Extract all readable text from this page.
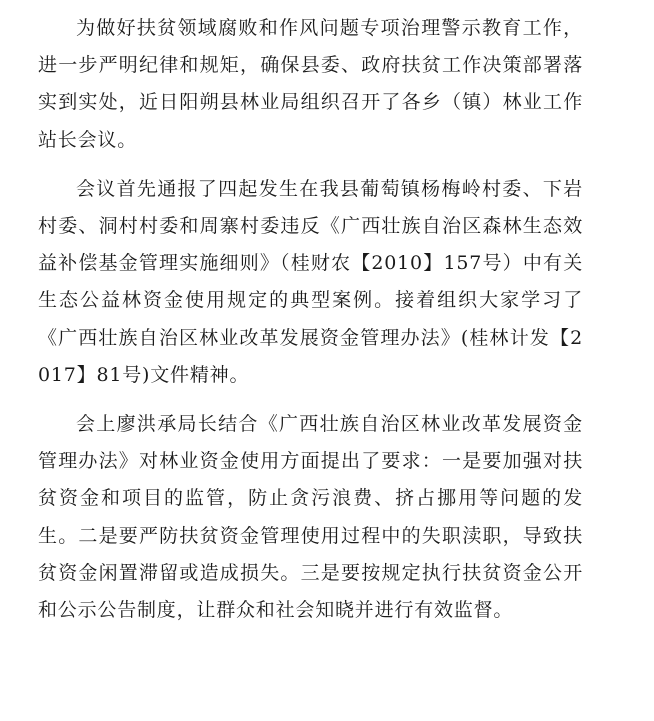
为做好扶贫领域腐败和作风问题专项治理警示教育工作，进一步严明纪律和规矩，确保县委、政府扶贫工作决策部署落实到实处，近日阳朔县林业局组织召开了各乡（镇）林业工作站长会议。

会议首先通报了四起发生在我县葡萄镇杨梅岭村委、下岩村委、洞村村委和周寨村委违反《广西壮族自治区森林生态效益补偿基金管理实施细则》（桂财农【2010】157号）中有关生态公益林资金使用规定的典型案例。接着组织大家学习了《广西壮族自治区林业改革发展资金管理办法》(桂林计发【2017】81号)文件精神。

会上廖洪承局长结合《广西壮族自治区林业改革发展资金管理办法》对林业资金使用方面提出了要求：一是要加强对扶贫资金和项目的监管，防止贪污浪费、挤占挪用等问题的发生。二是要严防扶贫资金管理使用过程中的失职渎职，导致扶贫资金闲置滞留或造成损失。三是要按规定执行扶贫资金公开和公示公告制度，让群众和社会知晓并进行有效监督。
